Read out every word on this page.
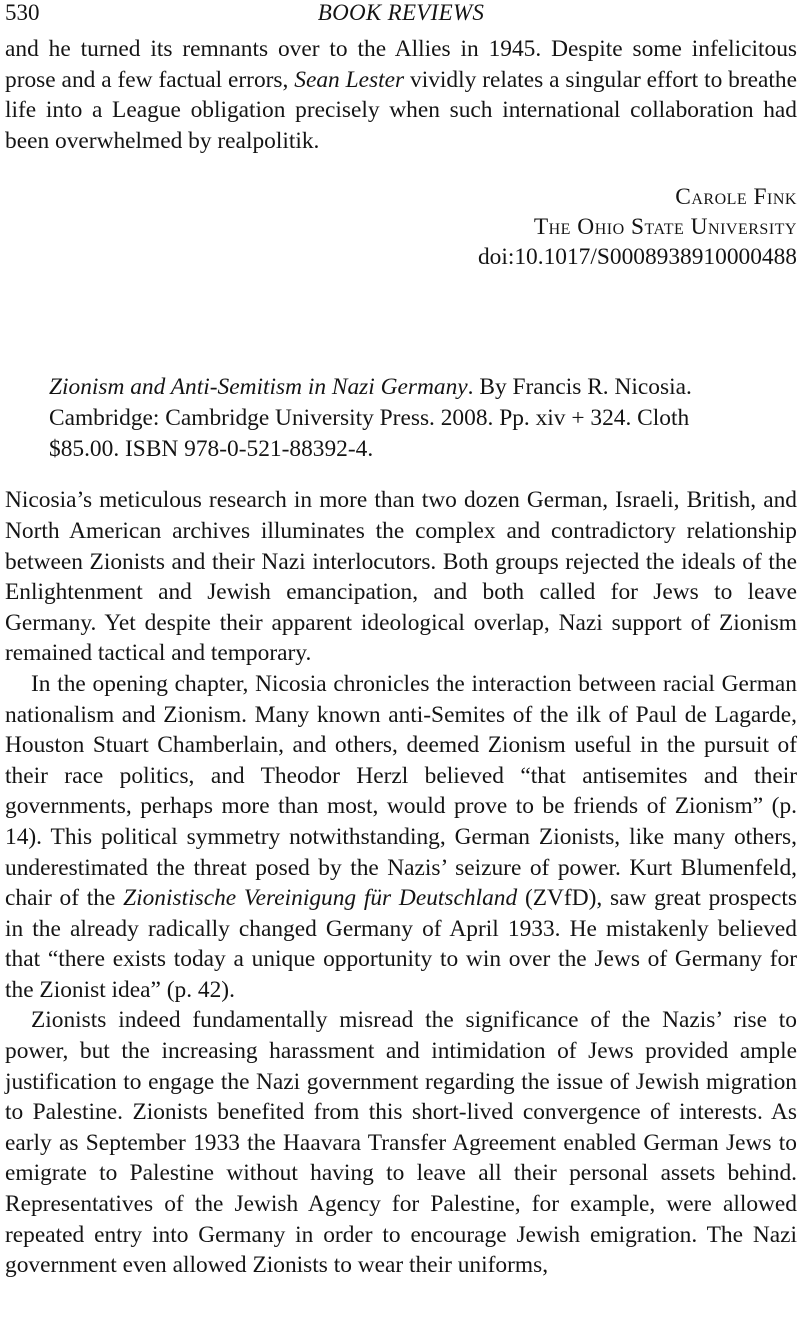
530	BOOK REVIEWS

and he turned its remnants over to the Allies in 1945. Despite some infelicitous prose and a few factual errors, Sean Lester vividly relates a singular effort to breathe life into a League obligation precisely when such international collaboration had been overwhelmed by realpolitik.

Carole Fink
The Ohio State University
doi:10.1017/S0008938910000488

Zionism and Anti-Semitism in Nazi Germany. By Francis R. Nicosia. Cambridge: Cambridge University Press. 2008. Pp. xiv + 324. Cloth $85.00. ISBN 978-0-521-88392-4.

Nicosia’s meticulous research in more than two dozen German, Israeli, British, and North American archives illuminates the complex and contradictory relationship between Zionists and their Nazi interlocutors. Both groups rejected the ideals of the Enlightenment and Jewish emancipation, and both called for Jews to leave Germany. Yet despite their apparent ideological overlap, Nazi support of Zionism remained tactical and temporary.

In the opening chapter, Nicosia chronicles the interaction between racial German nationalism and Zionism. Many known anti-Semites of the ilk of Paul de Lagarde, Houston Stuart Chamberlain, and others, deemed Zionism useful in the pursuit of their race politics, and Theodor Herzl believed “that antisemites and their governments, perhaps more than most, would prove to be friends of Zionism” (p. 14). This political symmetry notwithstanding, German Zionists, like many others, underestimated the threat posed by the Nazis’ seizure of power. Kurt Blumenfeld, chair of the Zionistische Vereinigung für Deutschland (ZVfD), saw great prospects in the already radically changed Germany of April 1933. He mistakenly believed that “there exists today a unique opportunity to win over the Jews of Germany for the Zionist idea” (p. 42).

Zionists indeed fundamentally misread the significance of the Nazis’ rise to power, but the increasing harassment and intimidation of Jews provided ample justification to engage the Nazi government regarding the issue of Jewish migration to Palestine. Zionists benefited from this short-lived convergence of interests. As early as September 1933 the Haavara Transfer Agreement enabled German Jews to emigrate to Palestine without having to leave all their personal assets behind. Representatives of the Jewish Agency for Palestine, for example, were allowed repeated entry into Germany in order to encourage Jewish emigration. The Nazi government even allowed Zionists to wear their uniforms,
